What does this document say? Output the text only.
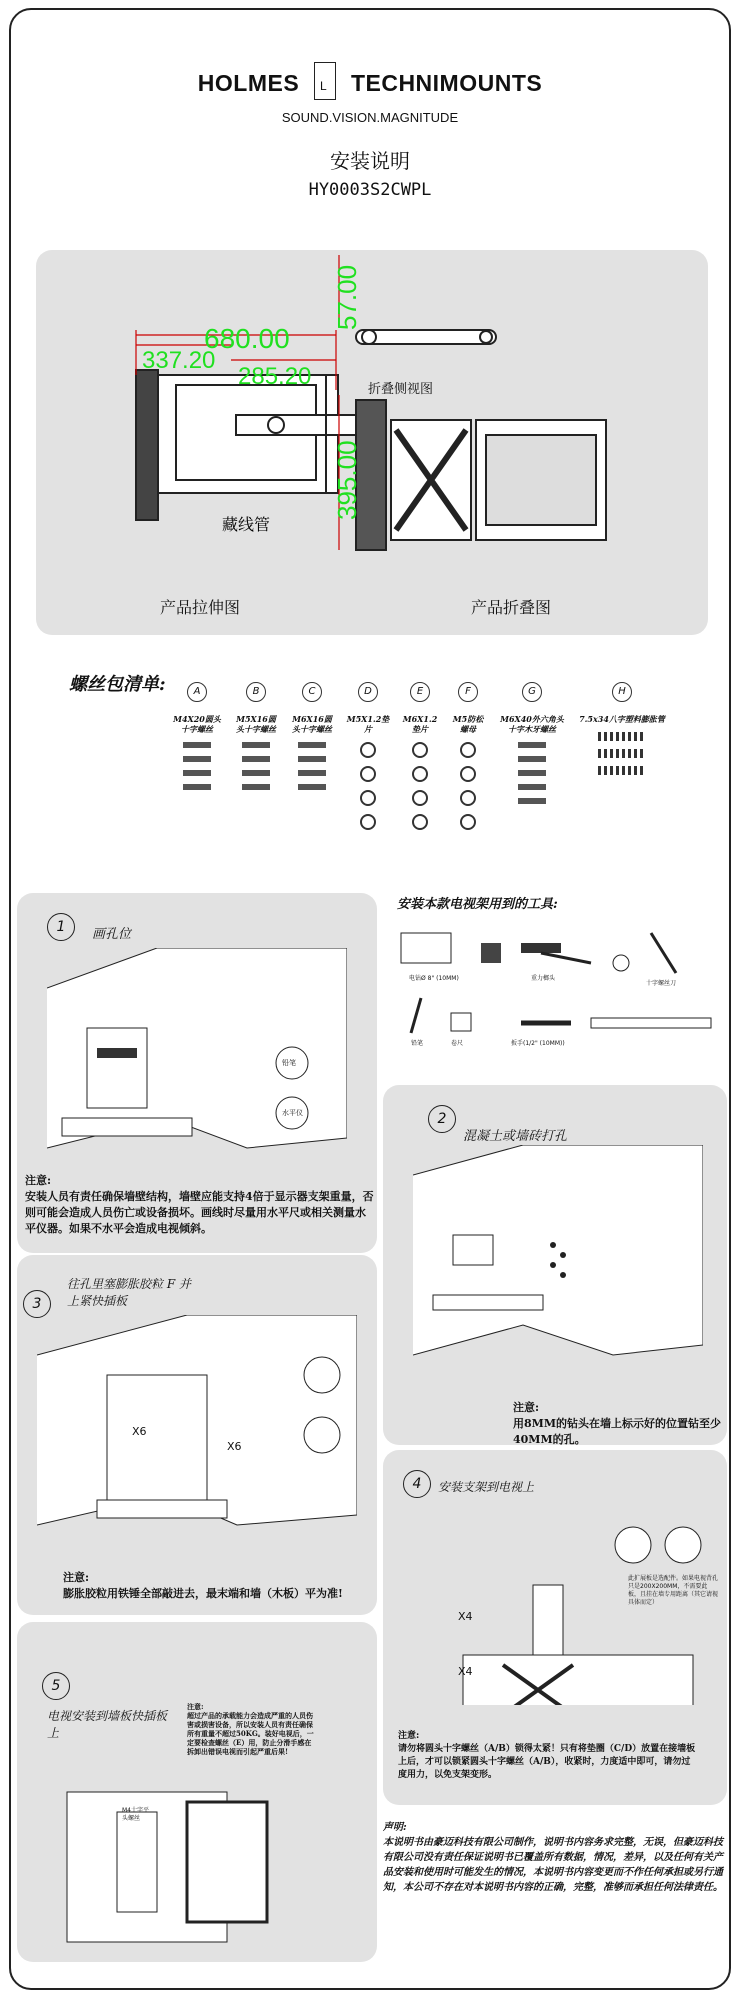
HOLMES L TECHNIMOUNTS
SOUND.VISION.MAGNITUDE
安装说明
HY0003S2CWPL
680.00
337.20
285.20
57.00
395.00
折叠侧视图
藏线管
产品拉伸图	产品折叠图
螺丝包清单:	A
M4X20圆头十字螺丝
B
M5X16圆头十字螺丝
C
M6X16圆头十字螺丝
D
M5X1.2垫片
E
M6X1.2垫片
F
M5防松螺母
G
M6X40外六角头十字木牙螺丝
H
7.5x34八字塑料膨胀管
1	画孔位
铅笔
水平仪
注意:
安装人员有责任确保墙壁结构，墙壁应能支持4倍于显示器支架重量，否则可能会造成人员伤亡或设备损坏。画线时尽量用水平尺或相关测量水平仪器。如果不水平会造成电视倾斜。
安装本款电视架用到的工具:
电钻Ø 8" (10MM)	重力榔头
十字螺丝刀
铅笔	卷尺	扳手(1/2" (10MM))
2
混凝土或墙砖打孔
注意:
用8MM的钻头在墙上标示好的位置钻至少40MM的孔。
3
往孔里塞膨胀胶粒 F 并上紧快插板
X6
X6
注意:
膨胀胶粒用铁锤全部敲进去，最末端和墙（木板）平为准!
4	安装支架到电视上
此扩展板是选配件。如果电视背孔只是200X200MM，不需要此板，且挂在墙专用距离（其它请视具体而定）
X4
X4
注意:
请勿将圆头十字螺丝（A/B）锁得太紧！只有将垫圈（C/D）放置在接墙板上后，才可以锁紧圆头十字螺丝（A/B），收紧时，力度适中即可，请勿过度用力，以免支架变形。
5
电视安装到墙板快插板上
注意:
超过产品的承载能力会造成严重的人员伤害或损害设备，所以安装人员有责任确保所有重量不超过50KG。装好电视后，一定要检查螺丝（E）用，防止分滑手感在拆卸出错误电视而引起严重后果!
M4十字平头螺丝
声明:
本说明书由豪迈科技有限公司制作，说明书内容务求完整，无误，但豪迈科技有限公司没有责任保证说明书已覆盖所有数据，情况，差异，以及任何有关产品安装和使用时可能发生的情况，本说明书内容变更而不作任何承担或另行通知，本公司不存在对本说明书内容的正确，完整，准够而承担任何法律责任。
